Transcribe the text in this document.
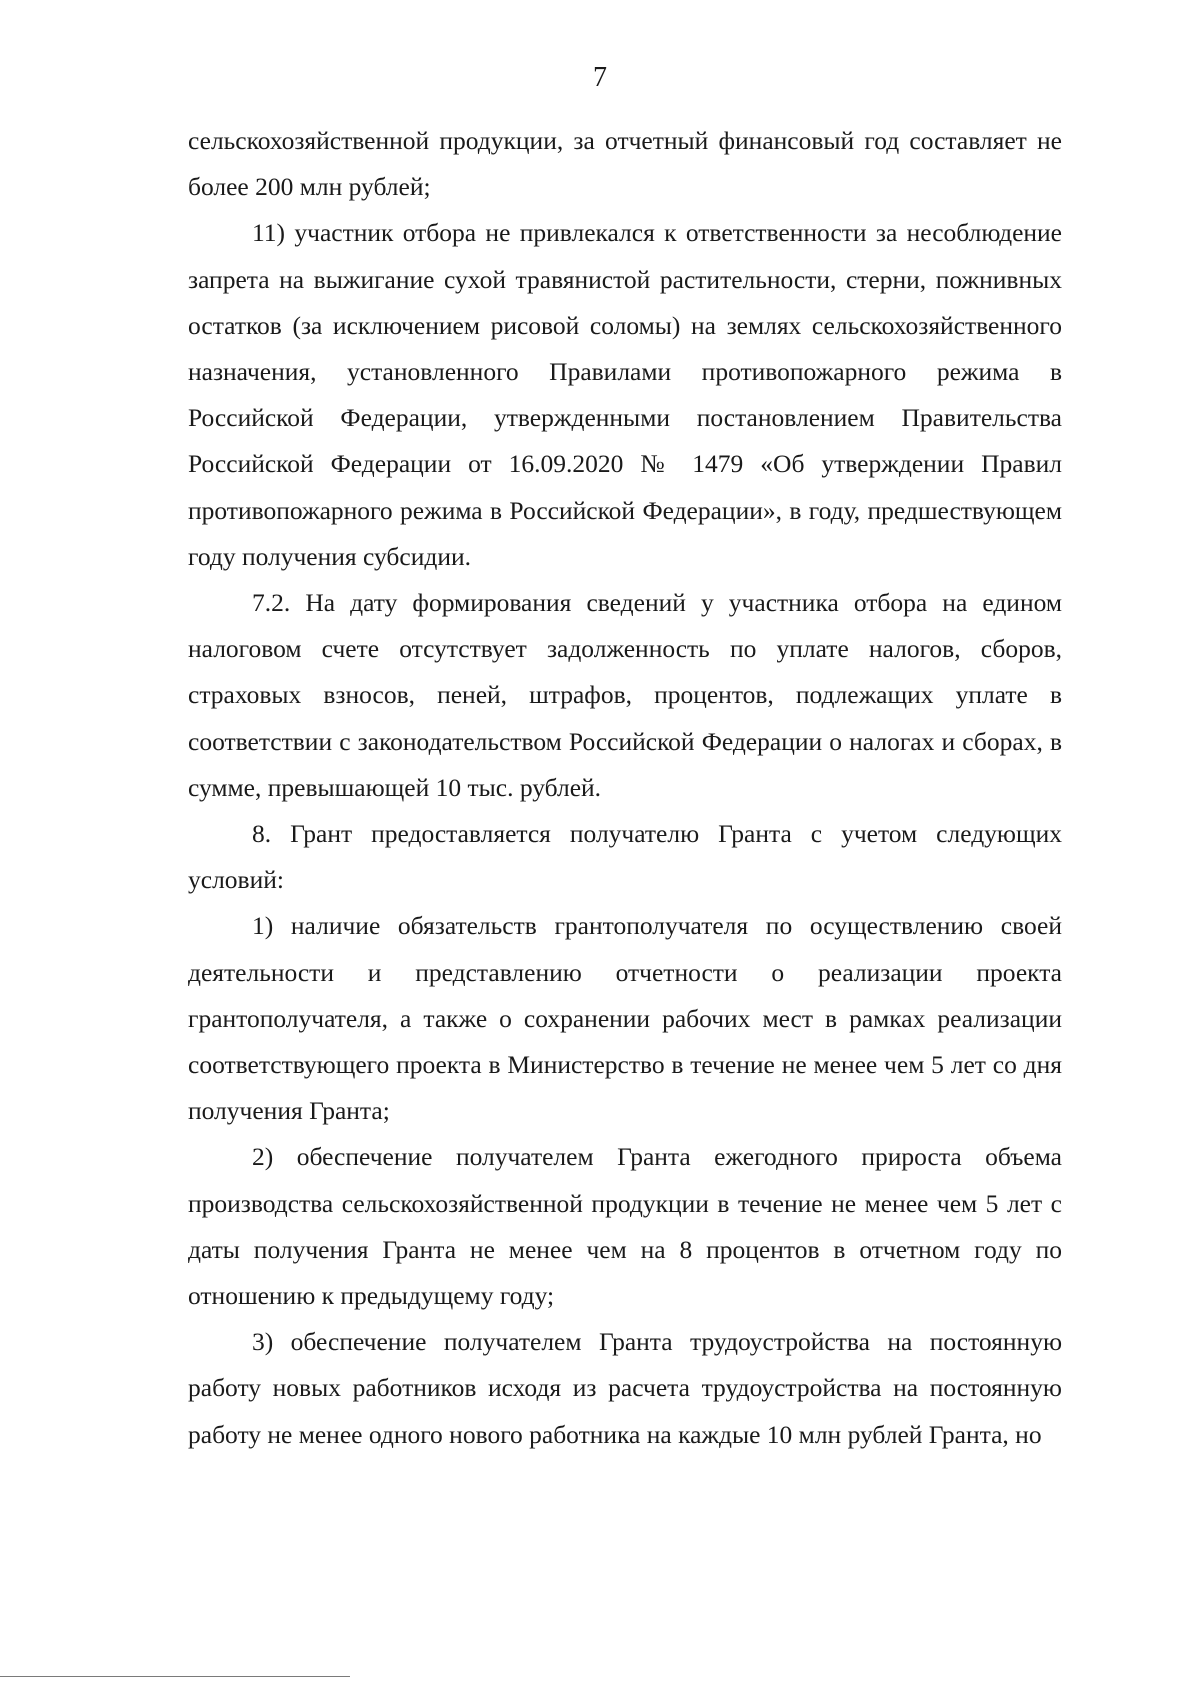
7

сельскохозяйственной продукции, за отчетный финансовый год составляет не более 200 млн рублей;

11) участник отбора не привлекался к ответственности за несоблюдение запрета на выжигание сухой травянистой растительности, стерни, пожнивных остатков (за исключением рисовой соломы) на землях сельскохозяйственного назначения, установленного Правилами противопожарного режима в Российской Федерации, утвержденными постановлением Правительства Российской Федерации от 16.09.2020 № 1479 «Об утверждении Правил противопожарного режима в Российской Федерации», в году, предшествующем году получения субсидии.

7.2. На дату формирования сведений у участника отбора на едином налоговом счете отсутствует задолженность по уплате налогов, сборов, страховых взносов, пеней, штрафов, процентов, подлежащих уплате в соответствии с законодательством Российской Федерации о налогах и сборах, в сумме, превышающей 10 тыс. рублей.

8. Грант предоставляется получателю Гранта с учетом следующих условий:

1) наличие обязательств грантополучателя по осуществлению своей деятельности и представлению отчетности о реализации проекта грантополучателя, а также о сохранении рабочих мест в рамках реализации соответствующего проекта в Министерство в течение не менее чем 5 лет со дня получения Гранта;

2) обеспечение получателем Гранта ежегодного прироста объема производства сельскохозяйственной продукции в течение не менее чем 5 лет с даты получения Гранта не менее чем на 8 процентов в отчетном году по отношению к предыдущему году;

3) обеспечение получателем Гранта трудоустройства на постоянную работу новых работников исходя из расчета трудоустройства на постоянную работу не менее одного нового работника на каждые 10 млн рублей Гранта, но
